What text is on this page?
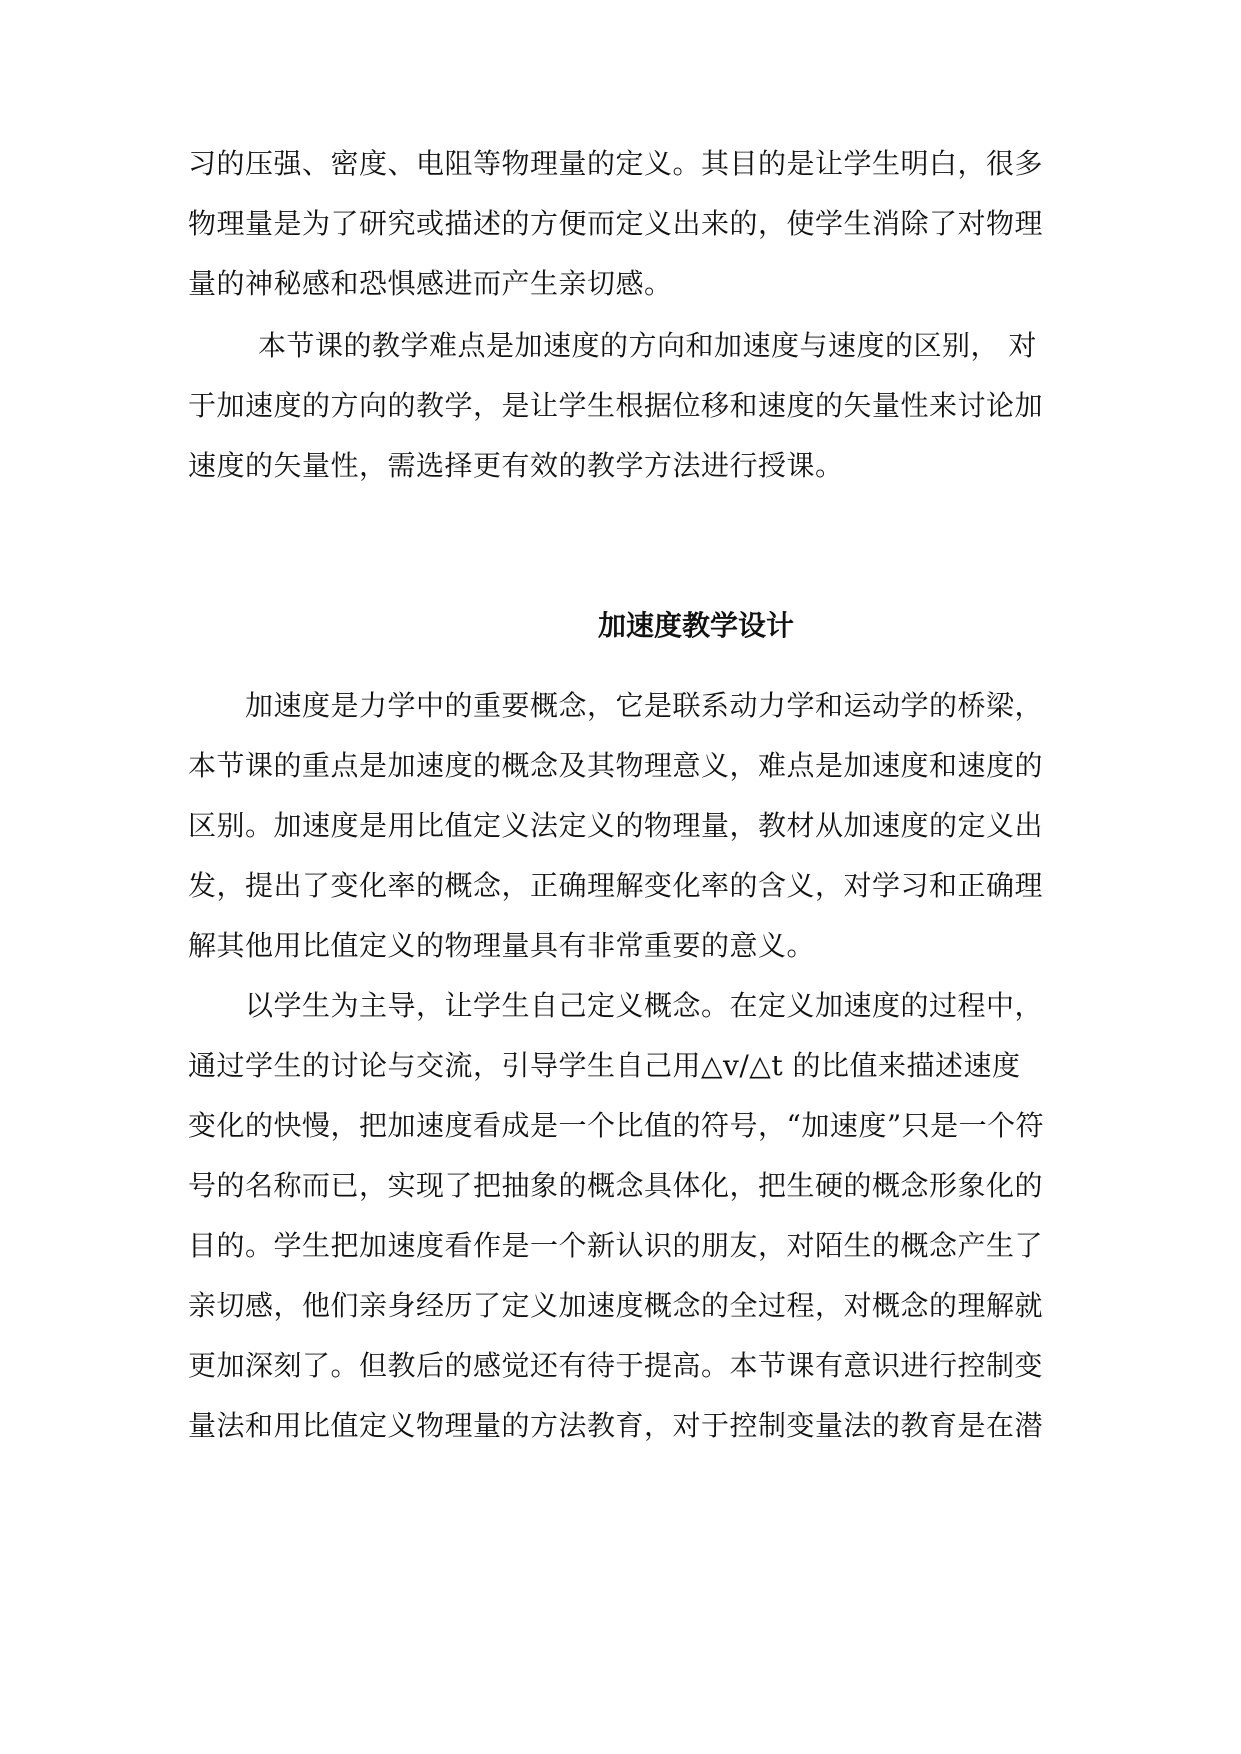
习的压强、密度、电阻等物理量的定义。其目的是让学生明白，很多
物理量是为了研究或描述的方便而定义出来的，使学生消除了对物理
量的神秘感和恐惧感进而产生亲切感。
本节课的教学难点是加速度的方向和加速度与速度的区别， 对
于加速度的方向的教学，是让学生根据位移和速度的矢量性来讨论加
速度的矢量性，需选择更有效的教学方法进行授课。
加速度教学设计
加速度是力学中的重要概念，它是联系动力学和运动学的桥梁，
本节课的重点是加速度的概念及其物理意义，难点是加速度和速度的
区别。加速度是用比值定义法定义的物理量，教材从加速度的定义出
发，提出了变化率的概念，正确理解变化率的含义，对学习和正确理
解其他用比值定义的物理量具有非常重要的意义。
以学生为主导，让学生自己定义概念。在定义加速度的过程中，
通过学生的讨论与交流，引导学生自己用△v/△t 的比值来描述速度
变化的快慢，把加速度看成是一个比值的符号，“加速度”只是一个符
号的名称而已，实现了把抽象的概念具体化，把生硬的概念形象化的
目的。学生把加速度看作是一个新认识的朋友，对陌生的概念产生了
亲切感，他们亲身经历了定义加速度概念的全过程，对概念的理解就
更加深刻了。但教后的感觉还有待于提高。本节课有意识进行控制变
量法和用比值定义物理量的方法教育，对于控制变量法的教育是在潜
